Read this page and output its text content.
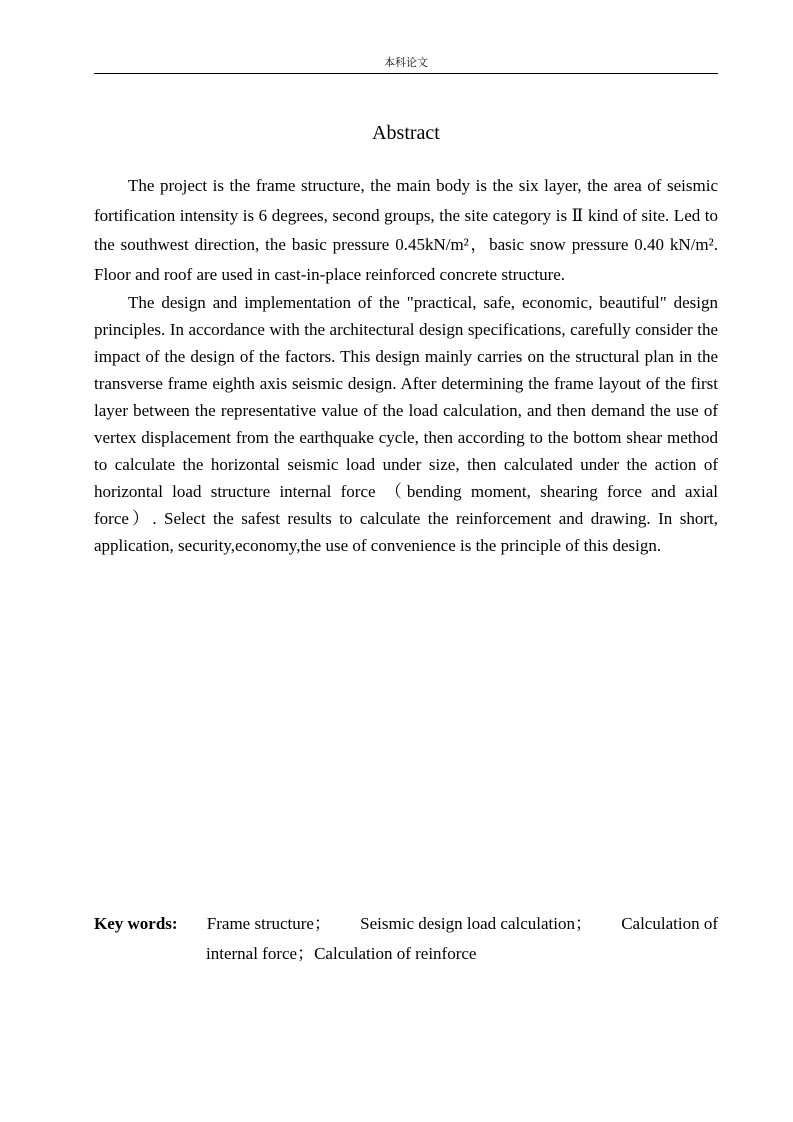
本科论文
Abstract

The project is the frame structure, the main body is the six layer, the area of seismic fortification intensity is 6 degrees, second groups, the site category is Ⅱ kind of site. Led to the southwest direction, the basic pressure 0.45kN/m²，basic snow pressure 0.40 kN/m². Floor and roof are used in cast-in-place reinforced concrete structure.

The design and implementation of the "practical, safe, economic, beautiful" design principles. In accordance with the architectural design specifications, carefully consider the impact of the design of the factors. This design mainly carries on the structural plan in the transverse frame eighth axis seismic design. After determining the frame layout of the first layer between the representative value of the load calculation, and then demand the use of vertex displacement from the earthquake cycle, then according to the bottom shear method to calculate the horizontal seismic load under size, then calculated under the action of horizontal load structure internal force （bending moment, shearing force and axial force）. Select the safest results to calculate the reinforcement and drawing. In short, application, security,economy,the use of convenience is the principle of this design.

Key words: Frame structure； Seismic design load calculation； Calculation of
internal force；Calculation of reinforce
